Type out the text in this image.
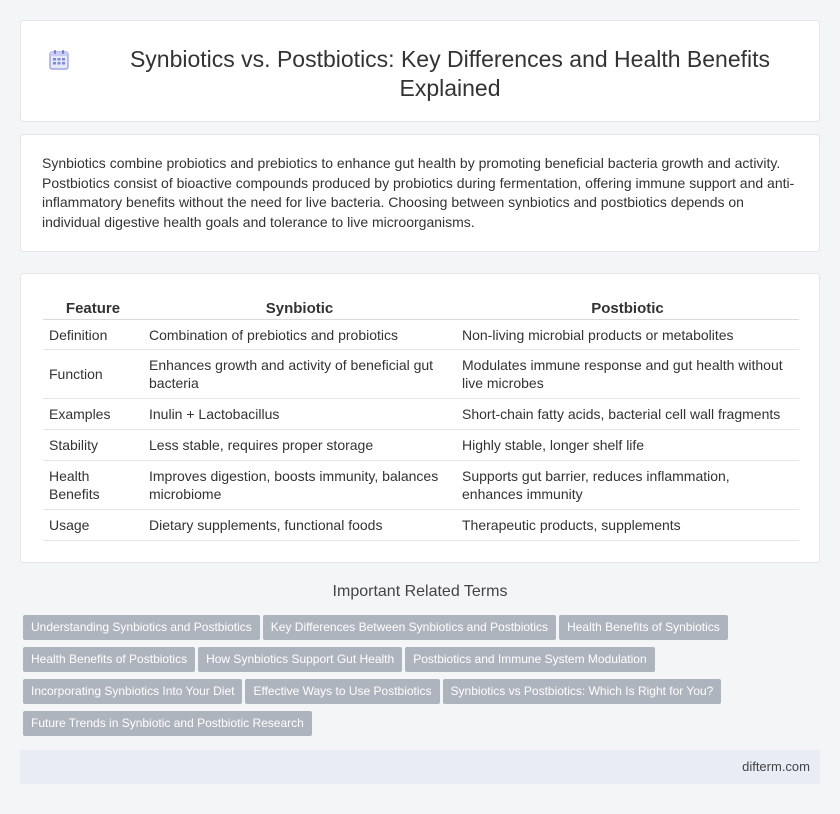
Synbiotics vs. Postbiotics: Key Differences and Health Benefits Explained

Synbiotics combine probiotics and prebiotics to enhance gut health by promoting beneficial bacteria growth and activity. Postbiotics consist of bioactive compounds produced by probiotics during fermentation, offering immune support and anti-inflammatory benefits without the need for live bacteria. Choosing between synbiotics and postbiotics depends on individual digestive health goals and tolerance to live microorganisms.

Feature	Synbiotic	Postbiotic
Definition	Combination of prebiotics and probiotics	Non-living microbial products or metabolites
Function	Enhances growth and activity of beneficial gut bacteria	Modulates immune response and gut health without live microbes
Examples	Inulin + Lactobacillus	Short-chain fatty acids, bacterial cell wall fragments
Stability	Less stable, requires proper storage	Highly stable, longer shelf life
Health Benefits	Improves digestion, boosts immunity, balances microbiome	Supports gut barrier, reduces inflammation, enhances immunity
Usage	Dietary supplements, functional foods	Therapeutic products, supplements
Important Related Terms
Understanding Synbiotics and Postbiotics Key Differences Between Synbiotics and Postbiotics Health Benefits of Synbiotics
Health Benefits of Postbiotics How Synbiotics Support Gut Health Postbiotics and Immune System Modulation
Incorporating Synbiotics Into Your Diet Effective Ways to Use Postbiotics Synbiotics vs Postbiotics: Which Is Right for You?
Future Trends in Synbiotic and Postbiotic Research
difterm.com
